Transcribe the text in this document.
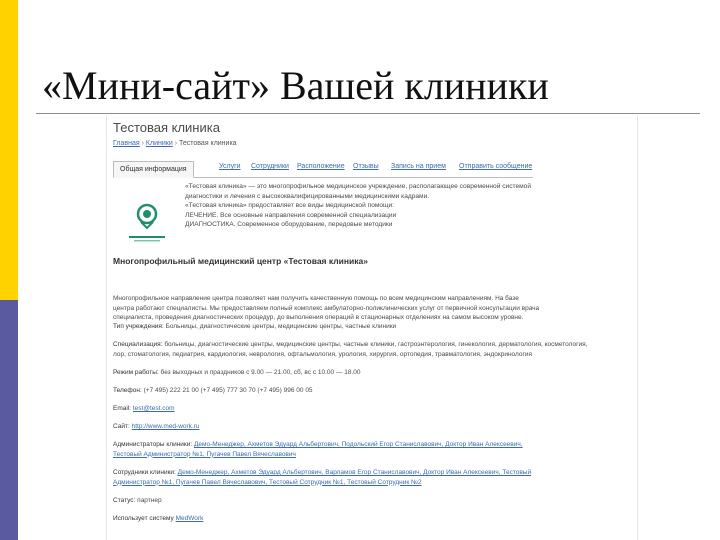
«Мини-сайт» Вашей клиники
Тестовая клиника
Главная › Клиники › Тестовая клиника
Общая информация	Услуги Сотрудники Расположение Отзывы Запись на прием Отправить сообщение
«Тестовая клиника» — это многопрофильное медицинское учреждение, располагающее современной системой
диагностики и лечения с высококвалифицированными медицинскими кадрами.
«Тестовая клиника» предоставляет все виды медицинской помощи:
ЛЕЧЕНИЕ. Все основные направления современной специализации
ДИАГНОСТИКА. Современное оборудование, передовые методики
Многопрофильный медицинский центр «Тестовая клиника»
Многопрофильное направление центра позволяет нам получить качественную помощь по всем медицинским направлениям. На базе
центра работают специалисты. Мы предоставляем полный комплекс амбулаторно-поликлинических услуг от первичной консультации врача
специалиста, проведения диагностических процедур, до выполнения операций в стационарных отделениях на самом высоком уровне.
Тип учреждения: Больницы, диагностические центры, медицинские центры, частные клиники
Специализация: больницы, диагностические центры, медицинские центры, частные клиники, гастроэнтерология, гинекология, дерматология, косметология,
лор, стоматология, педиатрия, кардиология, неврология, офтальмология, урология, хирургия, ортопедия, травматология, эндокринология
Режим работы: без выходных и праздников с 9.00 — 21.00, сб, вс с 10.00 — 18.00
Телефон: (+7 495) 222 21 00 (+7 495) 777 30 70 (+7 495) 996 00 05
Email: test@test.com
Сайт: http://www.med-work.ru
Администраторы клиники: Демо-Менеджер, Ахметов Эдуард Альбертович, Подольский Егор Станиславович, Доктор Иван Алексеевич,
Тестовый Администратор №1, Пугачев Павел Вячеславович
Сотрудники клиники: Демо-Менеджер, Ахметов Эдуард Альбертович, Варламов Егор Станиславович, Доктор Иван Алексеевич, Тестовый
Администратор №1, Пугачев Павел Вячеславович, Тестовый Сотрудник №1, Тестовый Сотрудник №2
Статус: партнер
Использует систему MedWork
